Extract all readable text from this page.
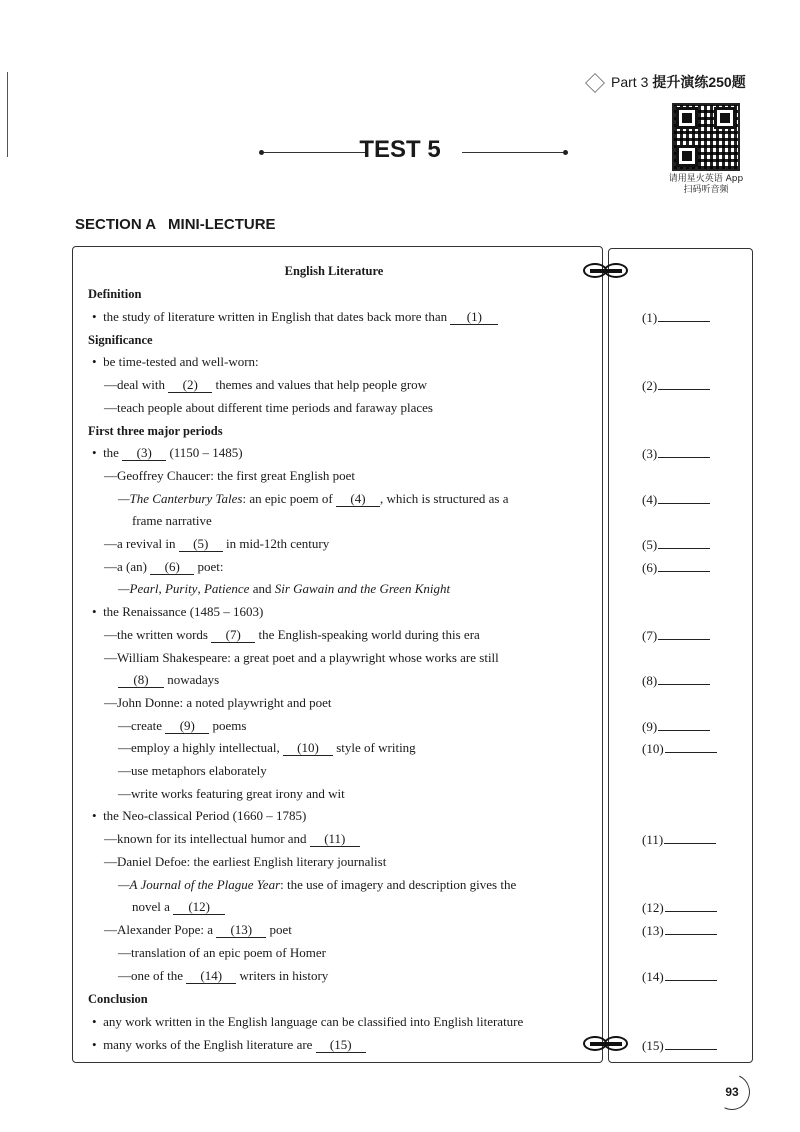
Part 3 提升演练250题
请用星火英语 App
扫码听音频
TEST 5
SECTION A   MINI-LECTURE
English Literature
Definition
• the study of literature written in English that dates back more than (1)
Significance
• be time-tested and well-worn:
—deal with (2) themes and values that help people grow
—teach people about different time periods and faraway places
First three major periods
• the (3) (1150 – 1485)
—Geoffrey Chaucer: the first great English poet
—The Canterbury Tales: an epic poem of (4) , which is structured as a
frame narrative
—a revival in (5) in mid-12th century
—a (an) (6) poet:
—Pearl, Purity, Patience and Sir Gawain and the Green Knight
• the Renaissance (1485 – 1603)
—the written words (7) the English-speaking world during this era
—William Shakespeare: a great poet and a playwright whose works are still
(8) nowadays
—John Donne: a noted playwright and poet
—create (9) poems
—employ a highly intellectual, (10) style of writing
—use metaphors elaborately
—write works featuring great irony and wit
• the Neo-classical Period (1660 – 1785)
—known for its intellectual humor and (11)
—Daniel Defoe: the earliest English literary journalist
—A Journal of the Plague Year: the use of imagery and description gives the
novel a (12)
—Alexander Pope: a (13) poet
—translation of an epic poem of Homer
—one of the (14) writers in history
Conclusion
• any work written in the English language can be classified into English literature
• many works of the English literature are (15)
(1)
(2)
(3)
(4)
(5)
(6)
(7)
(8)
(9)
(10)
(11)
(12)
(13)
(14)
(15)
93
